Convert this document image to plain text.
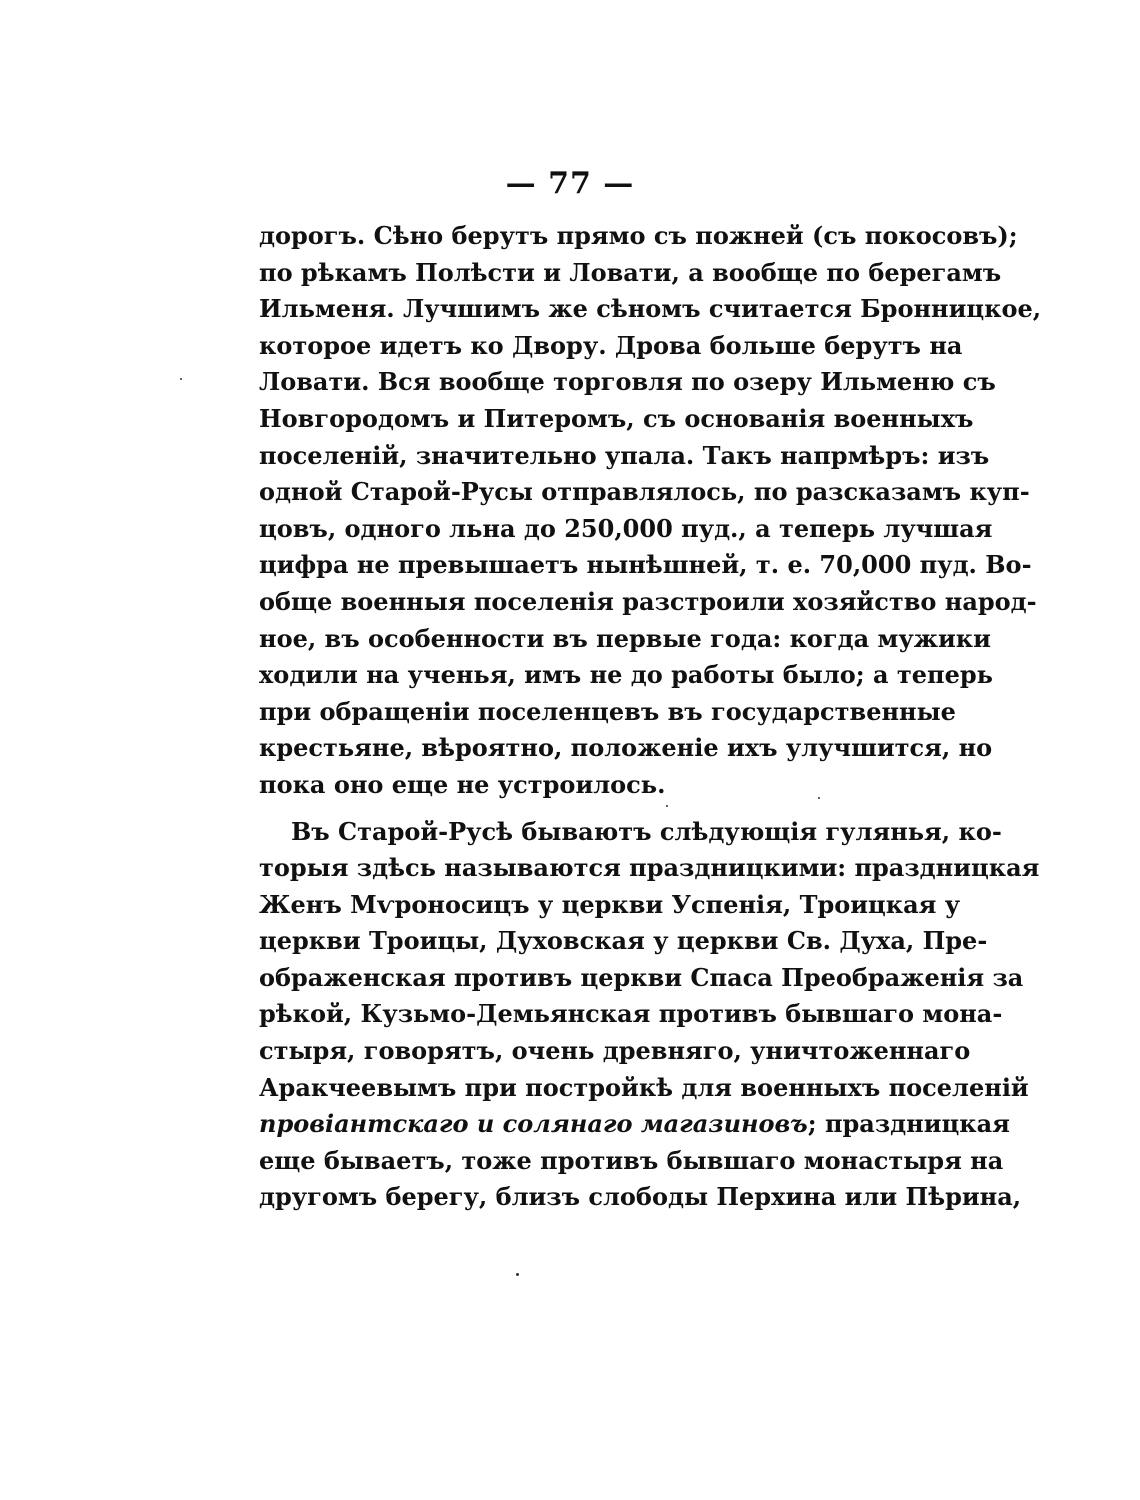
— 77 —
дорогъ. Сѣно берутъ прямо съ пожней (съ покосовъ);
по рѣкамъ Полѣсти и Ловати, а вообще по берегамъ
Ильменя. Лучшимъ же сѣномъ считается Бронницкое,
которое идетъ ко Двору. Дрова больше берутъ на
Ловати. Вся вообще торговля по озеру Ильменю съ
Новгородомъ и Питеромъ, съ основанія военныхъ
поселеній, значительно упала. Такъ напрмѣръ: изъ
одной Старой-Русы отправлялось, по разсказамъ куп-
цовъ, одного льна до 250,000 пуд., а теперь лучшая
цифра не превышаетъ нынѣшней, т. е. 70,000 пуд. Во-
обще военныя поселенія разстроили хозяйство народ-
ное, въ особенности въ первые года: когда мужики
ходили на ученья, имъ не до работы было; а теперь
при обращеніи поселенцевъ въ государственные
крестьяне, вѣроятно, положеніе ихъ улучшится, но
пока оно еще не устроилось.
Въ Старой-Русѣ бываютъ слѣдующія гулянья, ко-
торыя здѣсь называются праздницкими: праздницкая
Женъ Мѵроносицъ у церкви Успенія, Троицкая у
церкви Троицы, Духовская у церкви Св. Духа, Пре-
ображенская противъ церкви Спаса Преображенія за
рѣкой, Кузьмо-Демьянская противъ бывшаго мона-
стыря, говорятъ, очень древняго, уничтоженнаго
Аракчеевымъ при постройкѣ для военныхъ поселеній
провіантскаго и солянаго магазиновъ; праздницкая
еще бываетъ, тоже противъ бывшаго монастыря на
другомъ берегу, близъ слободы Перхина или Пѣрина,
